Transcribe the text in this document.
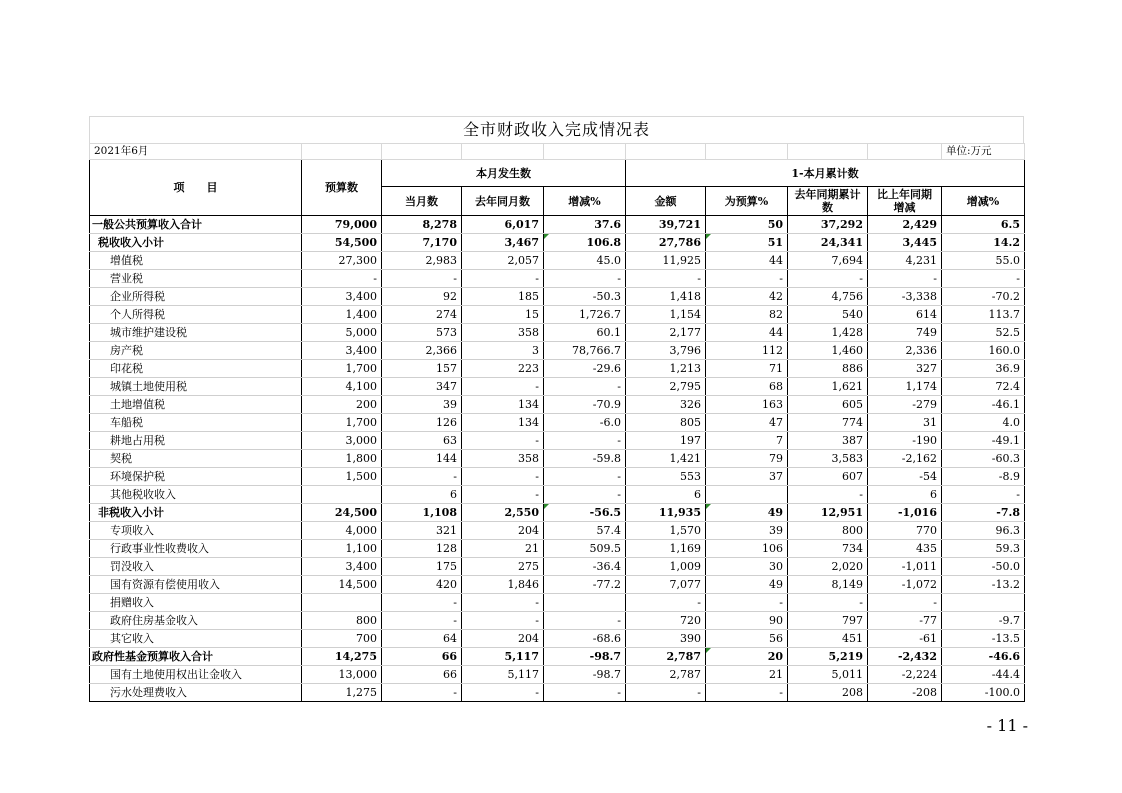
全市财政收入完成情况表
2021年6月									单位:万元
项　　目	预算数	本月发生数			1-本月累计数				
		当月数	去年同月数	增减%	金额	为预算%	去年同期累计数	比上年同期增减	增减%
一般公共预算收入合计	79,000	8,278	6,017	37.6	39,721	50	37,292	2,429	6.5
税收收入小计	54,500	7,170	3,467	106.8	27,786	51	24,341	3,445	14.2
增值税	27,300	2,983	2,057	45.0	11,925	44	7,694	4,231	55.0
营业税	-	-	-	-	-	-	-	-	-
企业所得税	3,400	92	185	-50.3	1,418	42	4,756	-3,338	-70.2
个人所得税	1,400	274	15	1,726.7	1,154	82	540	614	113.7
城市维护建设税	5,000	573	358	60.1	2,177	44	1,428	749	52.5
房产税	3,400	2,366	3	78,766.7	3,796	112	1,460	2,336	160.0
印花税	1,700	157	223	-29.6	1,213	71	886	327	36.9
城镇土地使用税	4,100	347	-	-	2,795	68	1,621	1,174	72.4
土地增值税	200	39	134	-70.9	326	163	605	-279	-46.1
车船税	1,700	126	134	-6.0	805	47	774	31	4.0
耕地占用税	3,000	63	-	-	197	7	387	-190	-49.1
契税	1,800	144	358	-59.8	1,421	79	3,583	-2,162	-60.3
环境保护税	1,500	-	-	-	553	37	607	-54	-8.9
其他税收收入		6	-	-	6		-	6	-
非税收入小计	24,500	1,108	2,550	-56.5	11,935	49	12,951	-1,016	-7.8
专项收入	4,000	321	204	57.4	1,570	39	800	770	96.3
行政事业性收费收入	1,100	128	21	509.5	1,169	106	734	435	59.3
罚没收入	3,400	175	275	-36.4	1,009	30	2,020	-1,011	-50.0
国有资源有偿使用收入	14,500	420	1,846	-77.2	7,077	49	8,149	-1,072	-13.2
捐赠收入		-	-		-	-	-	-	
政府住房基金收入	800	-	-	-	720	90	797	-77	-9.7
其它收入	700	64	204	-68.6	390	56	451	-61	-13.5
政府性基金预算收入合计	14,275	66	5,117	-98.7	2,787	20	5,219	-2,432	-46.6
国有土地使用权出让金收入	13,000	66	5,117	-98.7	2,787	21	5,011	-2,224	-44.4
污水处理费收入	1,275	-	-	-	-	-	208	-208	-100.0
- 11 -
